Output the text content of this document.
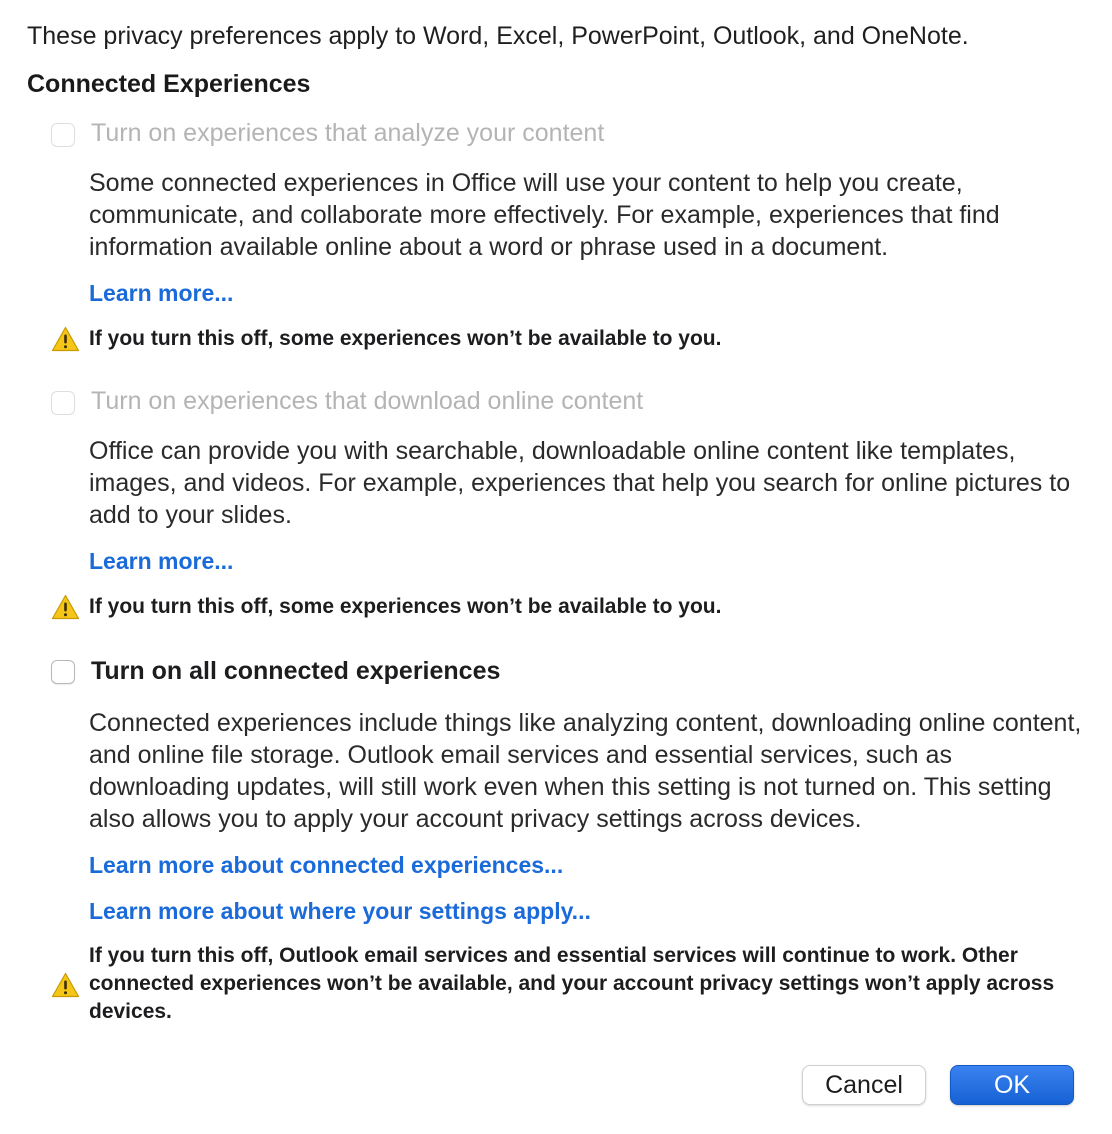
These privacy preferences apply to Word, Excel, PowerPoint, Outlook, and OneNote.
Connected Experiences
Turn on experiences that analyze your content
Some connected experiences in Office will use your content to help you create, communicate, and collaborate more effectively. For example, experiences that find information available online about a word or phrase used in a document.
Learn more...
If you turn this off, some experiences won’t be available to you.
Turn on experiences that download online content
Office can provide you with searchable, downloadable online content like templates, images, and videos. For example, experiences that help you search for online pictures to add to your slides.
Learn more...
If you turn this off, some experiences won’t be available to you.
Turn on all connected experiences
Connected experiences include things like analyzing content, downloading online content, and online file storage. Outlook email services and essential services, such as downloading updates, will still work even when this setting is not turned on. This setting also allows you to apply your account privacy settings across devices.
Learn more about connected experiences...
Learn more about where your settings apply...
If you turn this off, Outlook email services and essential services will continue to work. Other connected experiences won’t be available, and your account privacy settings won’t apply across devices.
Cancel	OK
